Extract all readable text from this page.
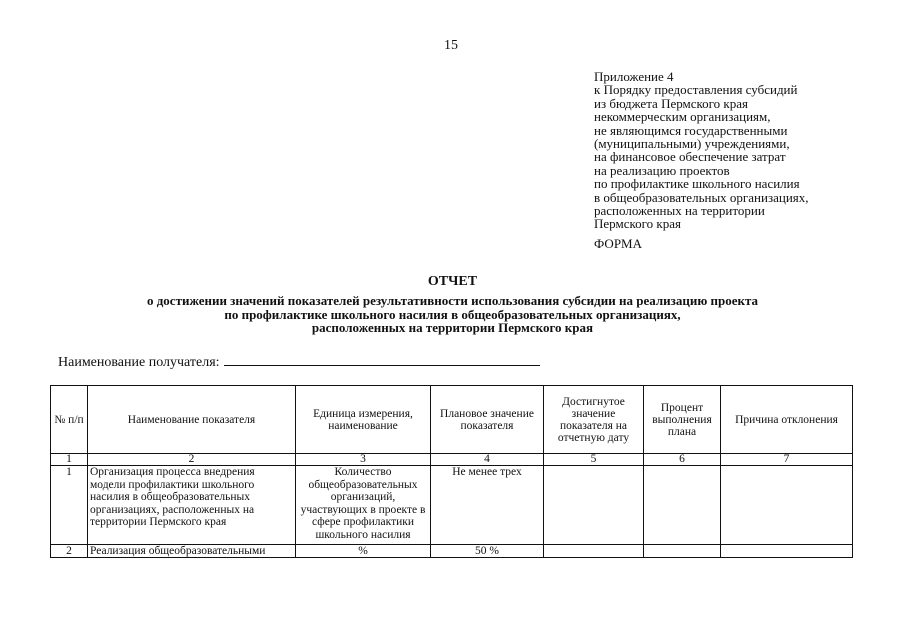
15
Приложение 4
к Порядку предоставления субсидий
из бюджета Пермского края
некоммерческим организациям,
не являющимся государственными
(муниципальными) учреждениями,
на финансовое обеспечение затрат
на реализацию проектов
по профилактике школьного насилия
в общеобразовательных организациях,
расположенных на территории
Пермского края
ФОРМА
ОТЧЕТ
о достижении значений показателей результативности использования субсидии на реализацию проекта
по профилактике школьного насилия в общеобразовательных организациях,
расположенных на территории Пермского края
Наименование получателя:
№ п/п	Наименование показателя	Единица измерения, наименование	Плановое значение показателя	Достигнутое значение показателя на отчетную дату	Процент выполнения плана	Причина отклонения
1	2	3	4	5	6	7
1	Организация процесса внедрения модели профилактики школьного насилия в общеобразовательных организациях, расположенных на территории Пермского края	Количество общеобразовательных организаций, участвующих в проекте в сфере профилактики школьного насилия	Не менее трех			
2	Реализация общеобразовательными	%	50 %			
